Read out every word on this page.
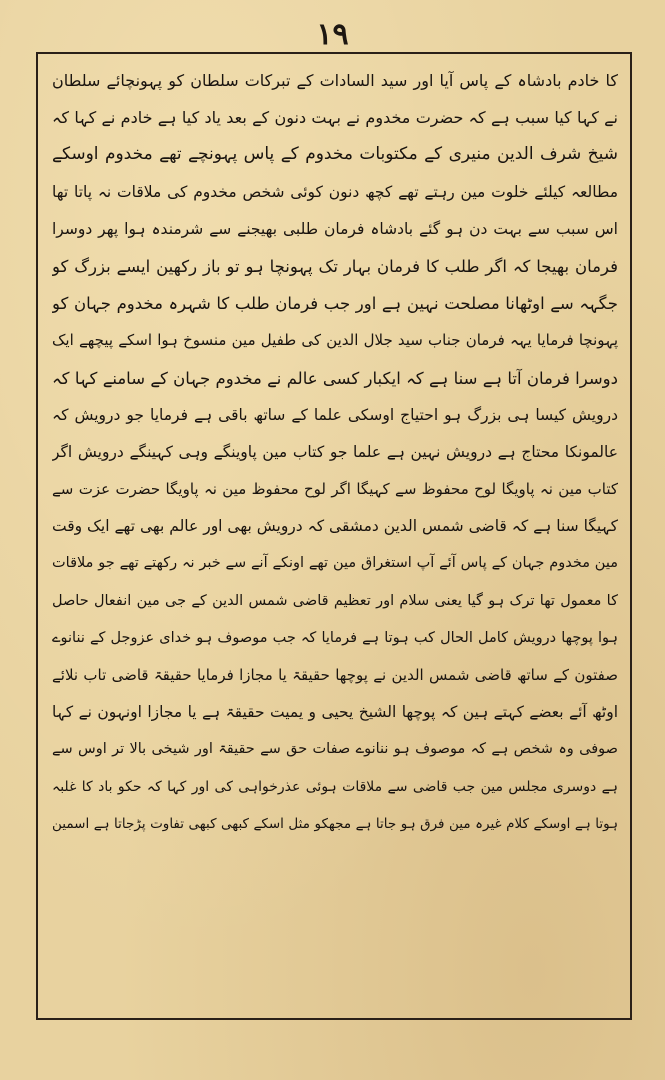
١٩
کا خادم بادشاہ کے پاس آیا اور سید السادات کے تبرکات سلطان کو پہونچائے سلطان
نے کہا کیا سبب ہے کہ حضرت مخدوم نے بہت دنون کے بعد یاد کیا ہے خادم نے کہا کہ
شیخ شرف الدین منیری کے مکتوبات مخدوم کے پاس پہونچے تھے مخدوم اوسکے
مطالعہ کیلئے خلوت مین رہتے تھے کچھ دنون کوئی شخص مخدوم کی ملاقات نہ پاتا تھا
اس سبب سے بہت دن ہو گئے بادشاہ فرمان طلبی بھیجنے سے شرمندہ ہوا پھر دوسرا
فرمان بھیجا کہ اگر طلب کا فرمان بہار تک پہونچا ہو تو باز رکھین ایسے بزرگ کو
جگہہ سے اوٹھانا مصلحت نہین ہے اور جب فرمان طلب کا شہرہ مخدوم جہان کو
پہونچا فرمایا یہہ فرمان جناب سید جلال الدین کی طفیل مین منسوخ ہوا اسکے پیچھے ایک
دوسرا فرمان آتا ہے سنا ہے کہ ایکبار کسی عالم نے مخدوم جہان کے سامنے کہا کہ
درویش کیسا ہی بزرگ ہو احتیاج اوسکی علما کے ساتھ باقی ہے فرمایا جو درویش کہ
عالمونکا محتاج ہے درویش نہین ہے علما جو کتاب مین پاوینگے وہی کہینگے درویش اگر
کتاب مین نہ پاویگا لوح محفوظ سے کہیگا اگر لوح محفوظ مین نہ پاویگا حضرت عزت سے
کہیگا سنا ہے کہ قاضی شمس الدین دمشقی کہ درویش بھی اور عالم بھی تھے ایک وقت
مین مخدوم جہان کے پاس آئے آپ استغراق مین تھے اونکے آنے سے خبر نہ رکھتے تھے جو ملاقات
کا معمول تھا ترک ہو گیا یعنی سلام اور تعظیم قاضی شمس الدین کے جی مین انفعال حاصل
ہوا پوچھا درویش کامل الحال کب ہوتا ہے فرمایا کہ جب موصوف ہو خدای عزوجل کے ننانوے
صفتون کے ساتھ قاضی شمس الدین نے پوچھا حقیقۃ یا مجازا فرمایا حقیقۃ قاضی تاب نلائے
اوٹھ آئے بعضے کہتے ہین کہ پوچھا الشیخ یحیی و یمیت حقیقۃ ہے یا مجازا اونہون نے کہا
صوفی وہ شخص ہے کہ موصوف ہو ننانوے صفات حق سے حقیقۃ اور شیخی بالا تر اوس سے
ہے دوسری مجلس مین جب قاضی سے ملاقات ہوئی عذرخواہی کی اور کہا کہ حکو باد کا غلبہ
ہوتا ہے اوسکے کلام غیرہ مین فرق ہو جاتا ہے مجھکو مثل اسکے کبھی کبھی تفاوت پڑجاتا ہے اسمین
